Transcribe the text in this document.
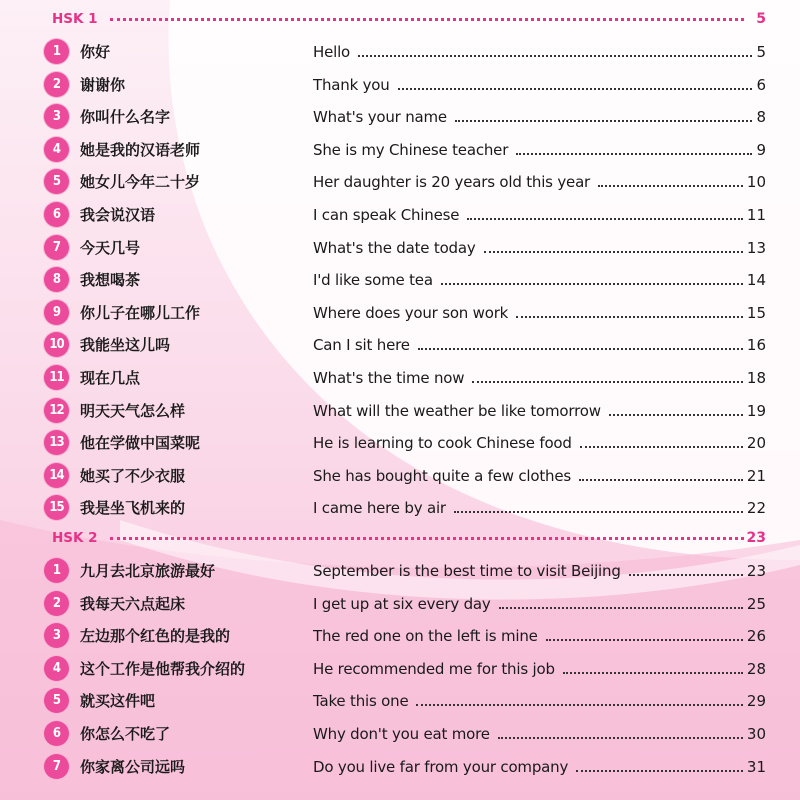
HSK 1	5
1	你好	Hello	5
2	谢谢你	Thank you	6
3	你叫什么名字	What's your name	8
4	她是我的汉语老师	She is my Chinese teacher	9
5	她女儿今年二十岁	Her daughter is 20 years old this year	10
6	我会说汉语	I can speak Chinese	11
7	今天几号	What's the date today	13
8	我想喝茶	I'd like some tea	14
9	你儿子在哪儿工作	Where does your son work	15
10	我能坐这儿吗	Can I sit here	16
11	现在几点	What's the time now	18
12	明天天气怎么样	What will the weather be like tomorrow	19
13	他在学做中国菜呢	He is learning to cook Chinese food	20
14	她买了不少衣服	She has bought quite a few clothes	21
15	我是坐飞机来的	I came here by air	22
HSK 2	23
1	九月去北京旅游最好	September is the best time to visit Beijing	23
2	我每天六点起床	I get up at six every day	25
3	左边那个红色的是我的	The red one on the left is mine	26
4	这个工作是他帮我介绍的	He recommended me for this job	28
5	就买这件吧	Take this one	29
6	你怎么不吃了	Why don't you eat more	30
7	你家离公司远吗	Do you live far from your company	31
